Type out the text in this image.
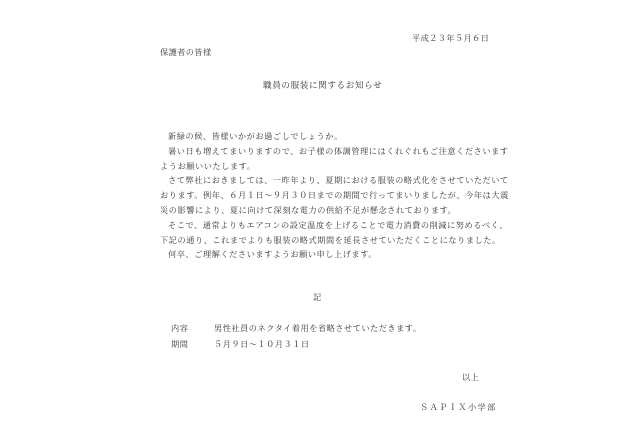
平成２３年５月６日
保護者の皆様
職員の服装に関するお知らせ
新緑の候、皆様いかがお過ごしでしょうか。
暑い日も増えてまいりますので、お子様の体調管理にはくれぐれもご注意くださいます
ようお願いいたします。
さて弊社におきましては、一昨年より、夏期における服装の略式化をさせていただいて
おります。例年、６月１日～９月３０日までの期間で行ってまいりましたが、今年は大震
災の影響により、夏に向けて深刻な電力の供給不足が懸念されております。
そこで、通常よりもエアコンの設定温度を上げることで電力消費の削減に努めるべく、
下記の通り、これまでよりも服装の略式期間を延長させていただくことになりました。
何卒、ご理解くださいますようお願い申し上げます。
記
内容	男性社員のネクタイ着用を省略させていただきます。
期間	５月９日～１０月３１日
以上
ＳＡＰＩＸ小学部
